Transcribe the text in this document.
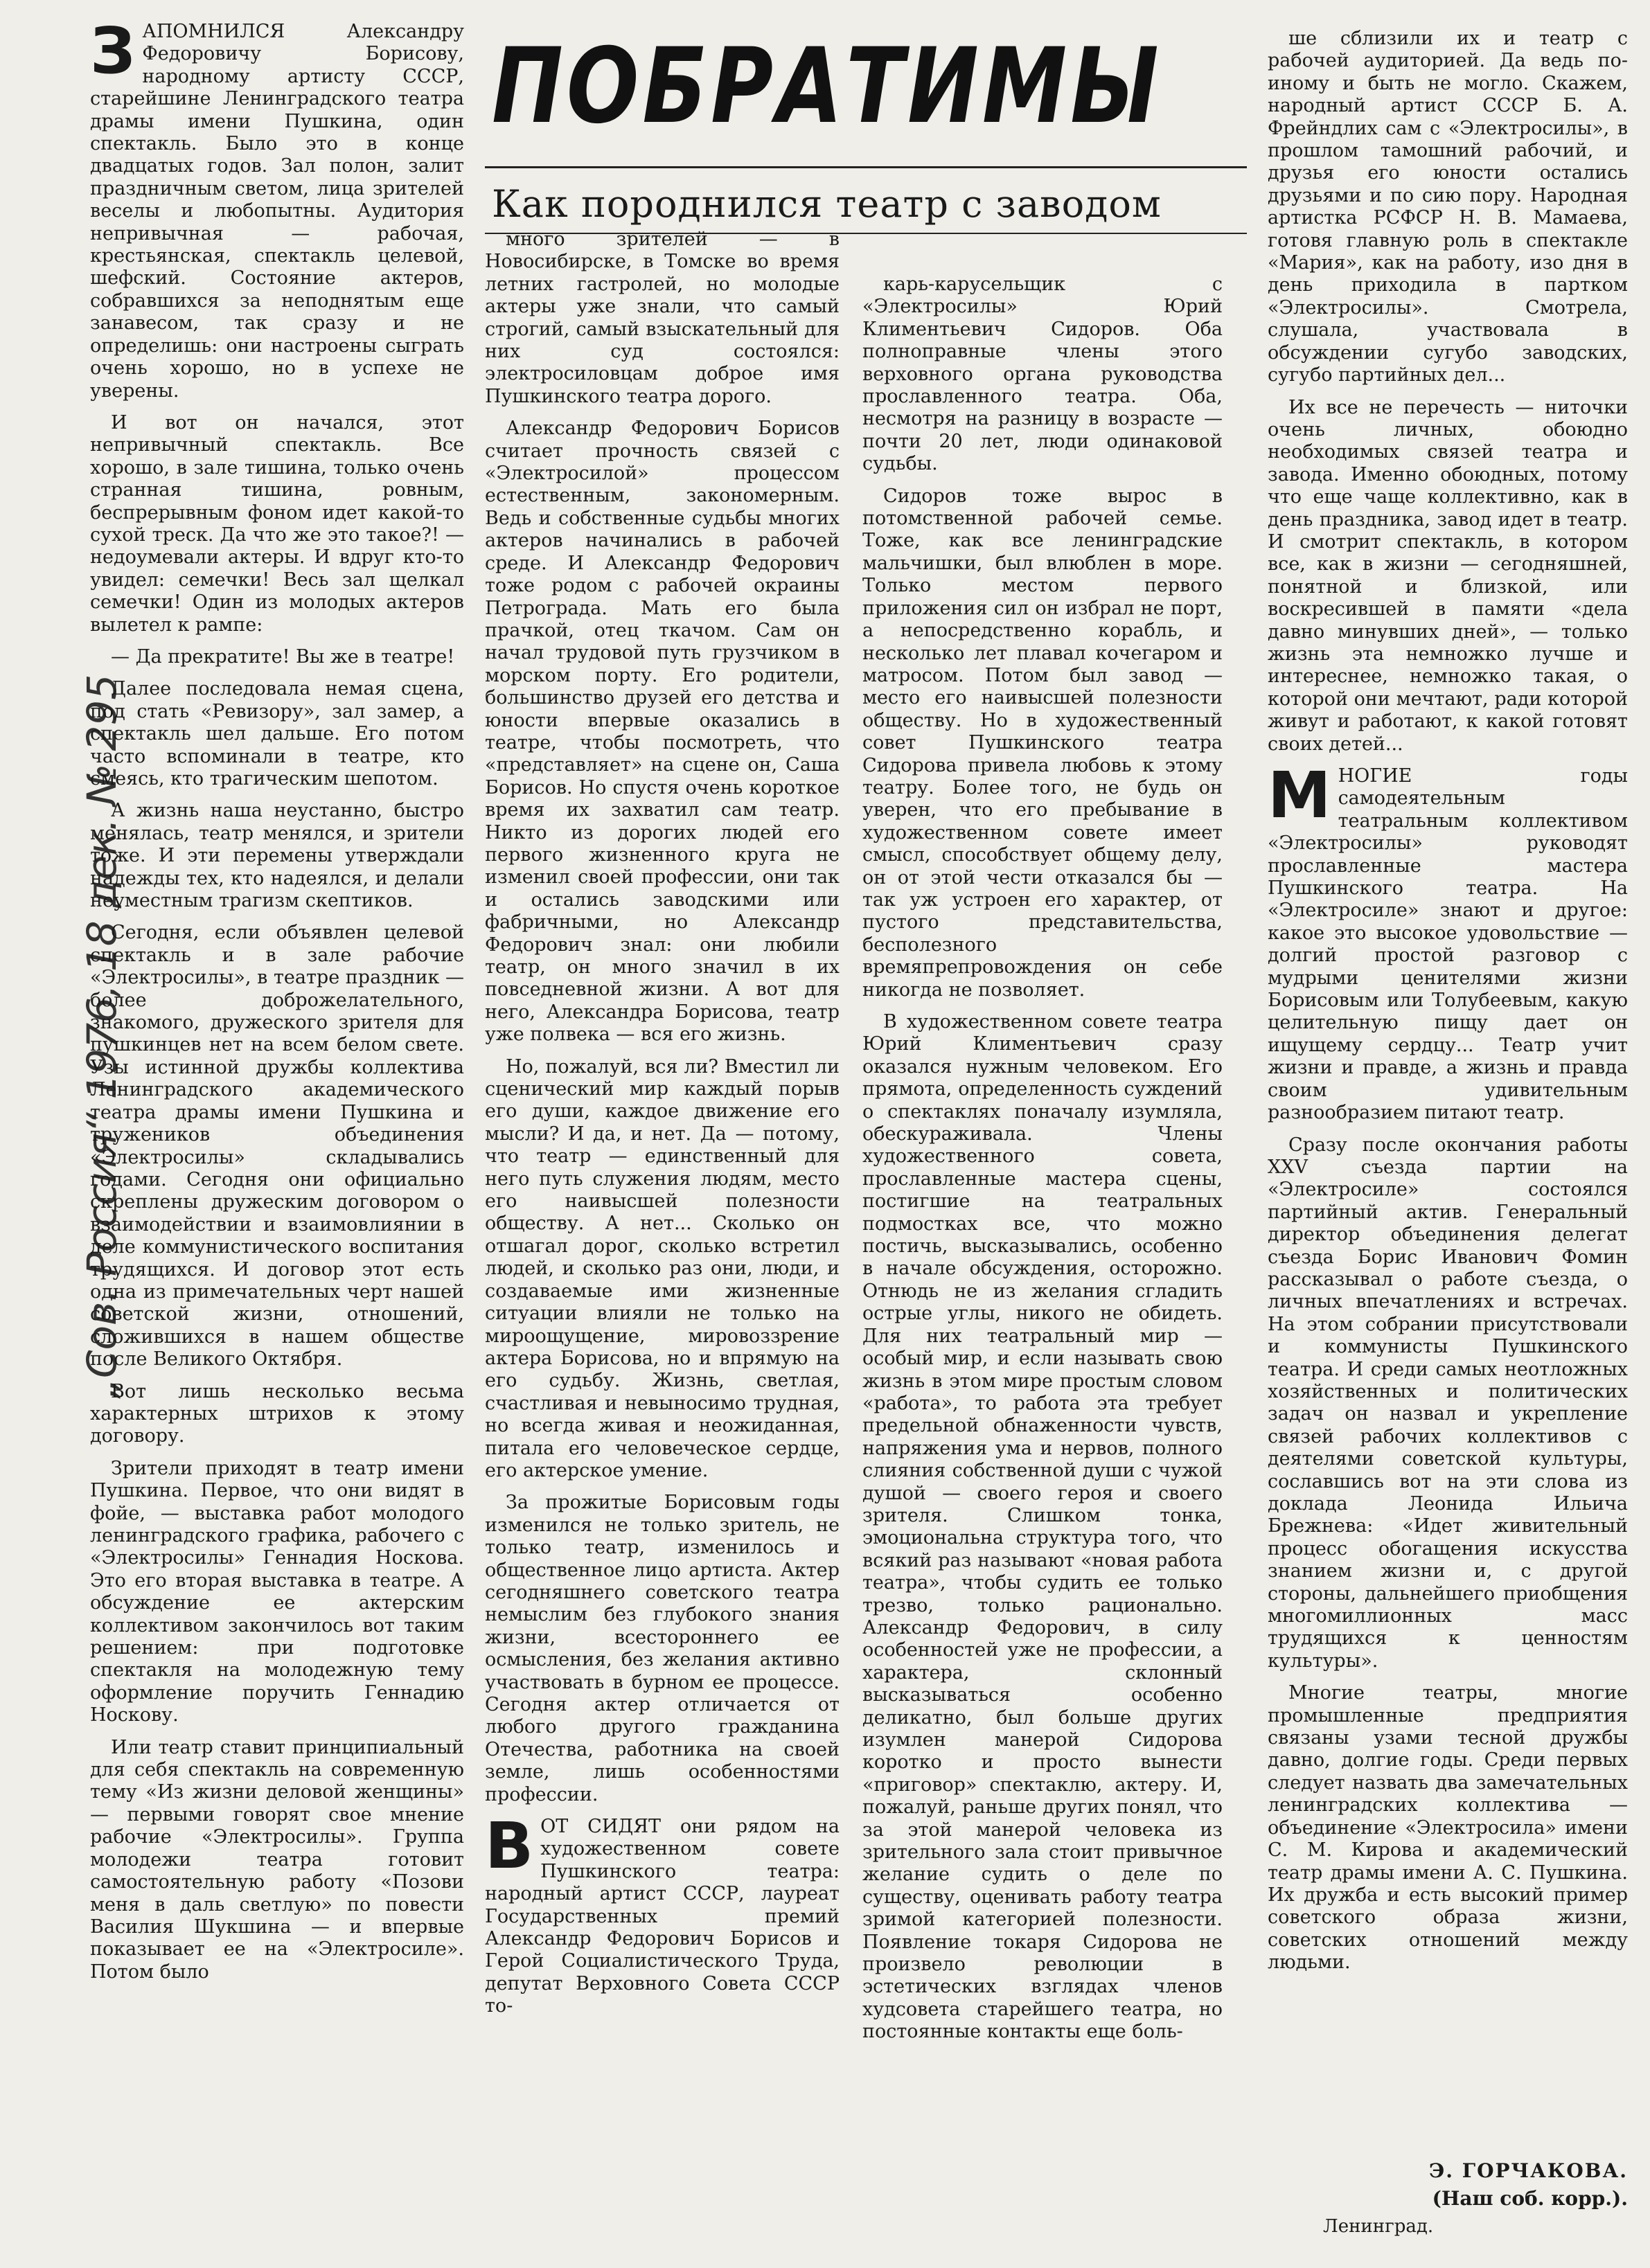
„Сов. Россия“ 1976, 18 дек. № 295
ПОБРАТИМЫ
Как породнился театр с заводом

ЗАПОМНИЛСЯ Александру Федоровичу Борисову, народному артисту СССР, старейшине Ленинградского театра драмы имени Пушкина, один спектакль. Было это в конце двадцатых годов. Зал полон, залит праздничным светом, лица зрителей веселы и любопытны. Аудитория непривычная — рабочая, крестьянская, спектакль целевой, шефский. Состояние актеров, собравшихся за неподнятым еще занавесом, так сразу и не определишь: они настроены сыграть очень хорошо, но в успехе не уверены.

И вот он начался, этот непривычный спектакль. Все хорошо, в зале тишина, только очень странная тишина, ровным, беспрерывным фоном идет какой-то сухой треск. Да что же это такое?! — недоумевали актеры. И вдруг кто-то увидел: семечки! Весь зал щелкал семечки! Один из молодых актеров вылетел к рампе:

— Да прекратите! Вы же в театре!

Далее последовала немая сцена, под стать «Ревизору», зал замер, а спектакль шел дальше. Его потом часто вспоминали в театре, кто смеясь, кто трагическим шепотом.

А жизнь наша неустанно, быстро менялась, театр менялся, и зрители тоже. И эти перемены утверждали надежды тех, кто надеялся, и делали неуместным трагизм скептиков.

Сегодня, если объявлен целевой спектакль и в зале рабочие «Электросилы», в театре праздник — более доброжелательного, знакомого, дружеского зрителя для пушкинцев нет на всем белом свете. Узы истинной дружбы коллектива Ленинградского академического театра драмы имени Пушкина и тружеников объединения «Электросилы» складывались годами. Сегодня они официально скреплены дружеским договором о взаимодействии и взаимовлиянии в деле коммунистического воспитания трудящихся. И договор этот есть одна из примечательных черт нашей советской жизни, отношений, сложившихся в нашем обществе после Великого Октября.

Вот лишь несколько весьма характерных штрихов к этому договору.

Зрители приходят в театр имени Пушкина. Первое, что они видят в фойе, — выставка работ молодого ленинградского графика, рабочего с «Электросилы» Геннадия Носкова. Это его вторая выставка в театре. А обсуждение ее актерским коллективом закончилось вот таким решением: при подготовке спектакля на молодежную тему оформление поручить Геннадию Носкову.

Или театр ставит принципиальный для себя спектакль на современную тему «Из жизни деловой женщины» — первыми говорят свое мнение рабочие «Электросилы». Группа молодежи театра готовит самостоятельную работу «Позови меня в даль светлую» по повести Василия Шукшина — и впервые показывает ее на «Электросиле». Потом было

много зрителей — в Новосибирске, в Томске во время летних гастролей, но молодые актеры уже знали, что самый строгий, самый взыскательный для них суд состоялся: электросиловцам доброе имя Пушкинского театра дорого.

Александр Федорович Борисов считает прочность связей с «Электросилой» процессом естественным, закономерным. Ведь и собственные судьбы многих актеров начинались в рабочей среде. И Александр Федорович тоже родом с рабочей окраины Петрограда. Мать его была прачкой, отец ткачом. Сам он начал трудовой путь грузчиком в морском порту. Его родители, большинство друзей его детства и юности впервые оказались в театре, чтобы посмотреть, что «представляет» на сцене он, Саша Борисов. Но спустя очень короткое время их захватил сам театр. Никто из дорогих людей его первого жизненного круга не изменил своей профессии, они так и остались заводскими или фабричными, но Александр Федорович знал: они любили театр, он много значил в их повседневной жизни. А вот для него, Александра Борисова, театр уже полвека — вся его жизнь.

Но, пожалуй, вся ли? Вместил ли сценический мир каждый порыв его души, каждое движение его мысли? И да, и нет. Да — потому, что театр — единственный для него путь служения людям, место его наивысшей полезности обществу. А нет... Сколько он отшагал дорог, сколько встретил людей, и сколько раз они, люди, и создаваемые ими жизненные ситуации влияли не только на мироощущение, мировоззрение актера Борисова, но и впрямую на его судьбу. Жизнь, светлая, счастливая и невыносимо трудная, но всегда живая и неожиданная, питала его человеческое сердце, его актерское умение.

За прожитые Борисовым годы изменился не только зритель, не только театр, изменилось и общественное лицо артиста. Актер сегодняшнего советского театра немыслим без глубокого знания жизни, всестороннего ее осмысления, без желания активно участвовать в бурном ее процессе. Сегодня актер отличается от любого другого гражданина Отечества, работника на своей земле, лишь особенностями профессии.

ВОТ СИДЯТ они рядом на художественном совете Пушкинского театра: народный артист СССР, лауреат Государственных премий Александр Федорович Борисов и Герой Социалистического Труда, депутат Верховного Совета СССР то-

карь-карусельщик с «Электросилы» Юрий Климентьевич Сидоров. Оба полноправные члены этого верховного органа руководства прославленного театра. Оба, несмотря на разницу в возрасте — почти 20 лет, люди одинаковой судьбы.

Сидоров тоже вырос в потомственной рабочей семье. Тоже, как все ленинградские мальчишки, был влюблен в море. Только местом первого приложения сил он избрал не порт, а непосредственно корабль, и несколько лет плавал кочегаром и матросом. Потом был завод — место его наивысшей полезности обществу. Но в художественный совет Пушкинского театра Сидорова привела любовь к этому театру. Более того, не будь он уверен, что его пребывание в художественном совете имеет смысл, способствует общему делу, он от этой чести отказался бы — так уж устроен его характер, от пустого представительства, бесполезного времяпрепровождения он себе никогда не позволяет.

В художественном совете театра Юрий Климентьевич сразу оказался нужным человеком. Его прямота, определенность суждений о спектаклях поначалу изумляла, обескураживала. Члены художественного совета, прославленные мастера сцены, постигшие на театральных подмостках все, что можно постичь, высказывались, особенно в начале обсуждения, осторожно. Отнюдь не из желания сгладить острые углы, никого не обидеть. Для них театральный мир — особый мир, и если называть свою жизнь в этом мире простым словом «работа», то работа эта требует предельной обнаженности чувств, напряжения ума и нервов, полного слияния собственной души с чужой душой — своего героя и своего зрителя. Слишком тонка, эмоциональна структура того, что всякий раз называют «новая работа театра», чтобы судить ее только трезво, только рационально. Александр Федорович, в силу особенностей уже не профессии, а характера, склонный высказываться особенно деликатно, был больше других изумлен манерой Сидорова коротко и просто вынести «приговор» спектаклю, актеру. И, пожалуй, раньше других понял, что за этой манерой человека из зрительного зала стоит привычное желание судить о деле по существу, оценивать работу театра зримой категорией полезности. Появление токаря Сидорова не произвело революции в эстетических взглядах членов худсовета старейшего театра, но постоянные контакты еще боль-

ше сблизили их и театр с рабочей аудиторией. Да ведь по-иному и быть не могло. Скажем, народный артист СССР Б. А. Фрейндлих сам с «Электросилы», в прошлом тамошний рабочий, и друзья его юности остались друзьями и по сию пору. Народная артистка РСФСР Н. В. Мамаева, готовя главную роль в спектакле «Мария», как на работу, изо дня в день приходила в партком «Электросилы». Смотрела, слушала, участвовала в обсуждении сугубо заводских, сугубо партийных дел...

Их все не перечесть — ниточки очень личных, обоюдно необходимых связей театра и завода. Именно обоюдных, потому что еще чаще коллективно, как в день праздника, завод идет в театр. И смотрит спектакль, в котором все, как в жизни — сегодняшней, понятной и близкой, или воскресившей в памяти «дела давно минувших дней», — только жизнь эта немножко лучше и интереснее, немножко такая, о которой они мечтают, ради которой живут и работают, к какой готовят своих детей...

МНОГИЕ годы самодеятельным театральным коллективом «Электросилы» руководят прославленные мастера Пушкинского театра. На «Электросиле» знают и другое: какое это высокое удовольствие — долгий простой разговор с мудрыми ценителями жизни Борисовым или Толубеевым, какую целительную пищу дает он ищущему сердцу... Театр учит жизни и правде, а жизнь и правда своим удивительным разнообразием питают театр.

Сразу после окончания работы XXV съезда партии на «Электросиле» состоялся партийный актив. Генеральный директор объединения делегат съезда Борис Иванович Фомин рассказывал о работе съезда, о личных впечатлениях и встречах. На этом собрании присутствовали и коммунисты Пушкинского театра. И среди самых неотложных хозяйственных и политических задач он назвал и укрепление связей рабочих коллективов с деятелями советской культуры, сославшись вот на эти слова из доклада Леонида Ильича Брежнева: «Идет живительный процесс обогащения искусства знанием жизни и, с другой стороны, дальнейшего приобщения многомиллионных масс трудящихся к ценностям культуры».

Многие театры, многие промышленные предприятия связаны узами тесной дружбы давно, долгие годы. Среди первых следует назвать два замечательных ленинградских коллектива — объединение «Электросила» имени С. М. Кирова и академический театр драмы имени А. С. Пушкина. Их дружба и есть высокий пример советского образа жизни, советских отношений между людьми.

Э. ГОРЧАКОВА.
(Наш соб. корр.).
Ленинград.
